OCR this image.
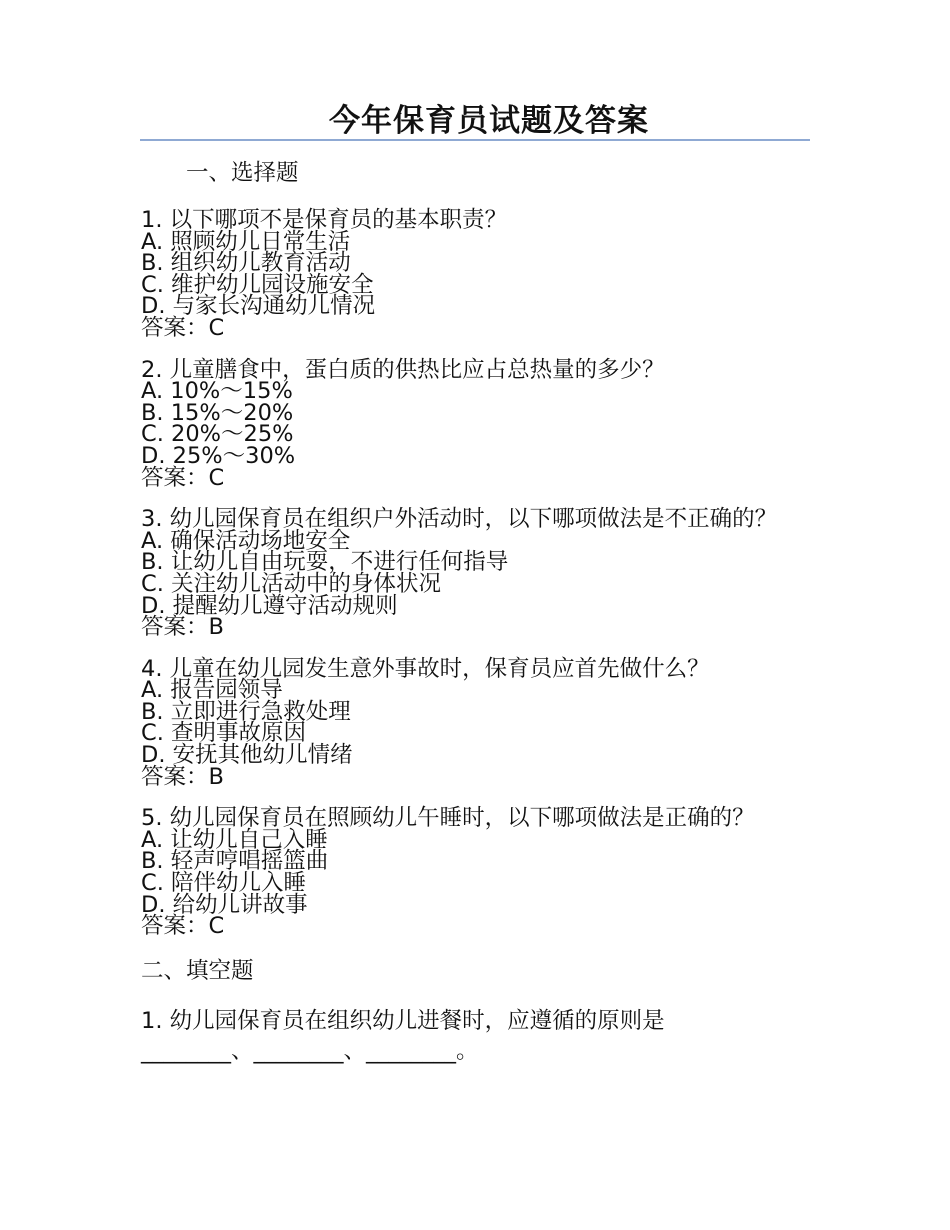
今年保育员试题及答案
一、选择题
1. 以下哪项不是保育员的基本职责？
A. 照顾幼儿日常生活
B. 组织幼儿教育活动
C. 维护幼儿园设施安全
D. 与家长沟通幼儿情况
答案：C
2. 儿童膳食中，蛋白质的供热比应占总热量的多少？
A. 10%～15%
B. 15%～20%
C. 20%～25%
D. 25%～30%
答案：C
3. 幼儿园保育员在组织户外活动时，以下哪项做法是不正确的？
A. 确保活动场地安全
B. 让幼儿自由玩耍，不进行任何指导
C. 关注幼儿活动中的身体状况
D. 提醒幼儿遵守活动规则
答案：B
4. 儿童在幼儿园发生意外事故时，保育员应首先做什么？
A. 报告园领导
B. 立即进行急救处理
C. 查明事故原因
D. 安抚其他幼儿情绪
答案：B
5. 幼儿园保育员在照顾幼儿午睡时，以下哪项做法是正确的？
A. 让幼儿自己入睡
B. 轻声哼唱摇篮曲
C. 陪伴幼儿入睡
D. 给幼儿讲故事
答案：C
二、填空题
1. 幼儿园保育员在组织幼儿进餐时，应遵循的原则是
________、________、________。
